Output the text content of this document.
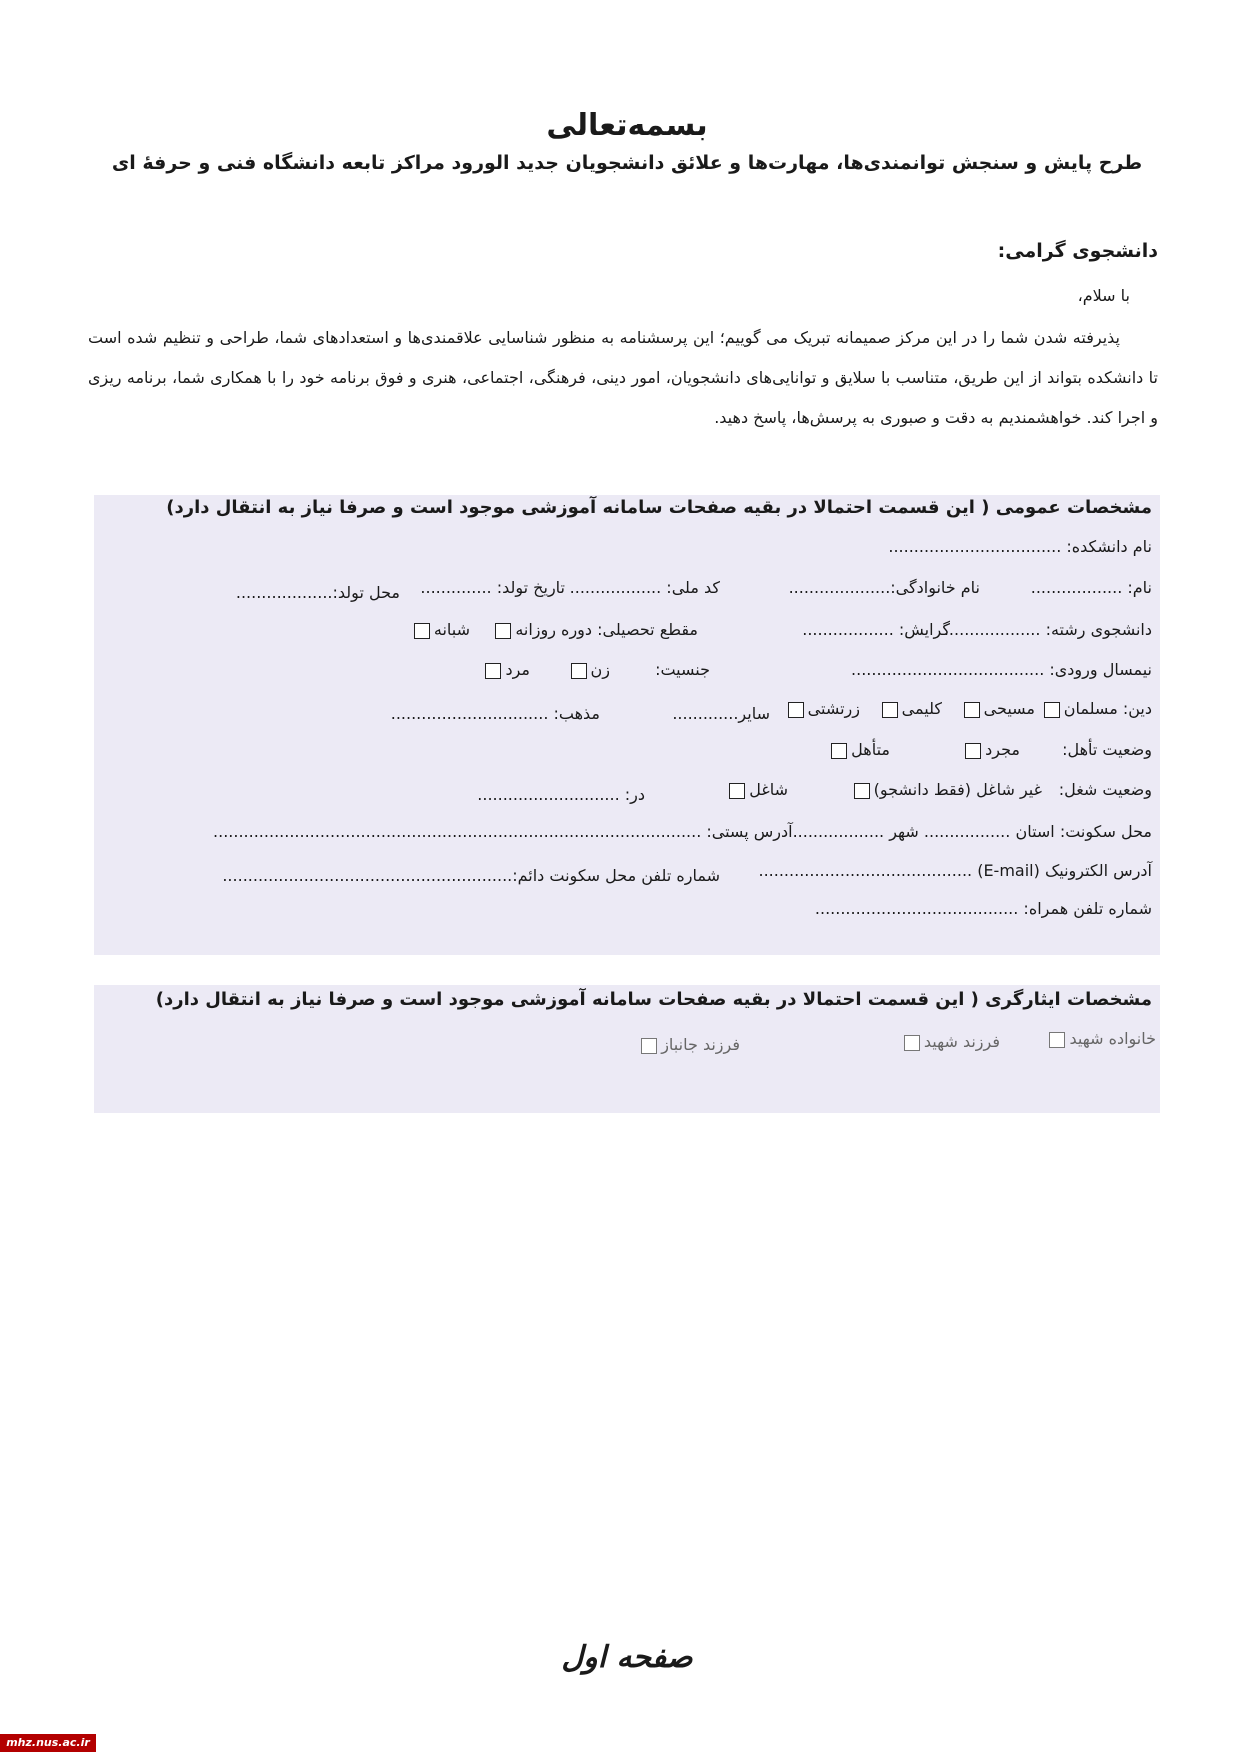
بسمه‌تعالی
طرح پایش و سنجش توانمندی‌ها، مهارت‌ها و علائق دانشجویان جدید الورود مراکز تابعه دانشگاه فنی و حرفهٔ ای
دانشجوی گرامی:
با سلام،
پذیرفته شدن شما را در این مرکز صمیمانه تبریک می گوییم؛ این پرسشنامه به منظور شناسایی علاقمندی‌ها و استعدادهای شما، طراحی و تنظیم شده است تا دانشکده بتواند از این طریق، متناسب با سلایق و توانایی‌های دانشجویان، امور دینی، فرهنگی، اجتماعی، هنری و فوق برنامه خود را با همکاری شما، برنامه ریزی و اجرا کند. خواهشمندیم به دقت و صبوری به پرسش‌ها، پاسخ دهید.
مشخصات عمومی ( این قسمت احتمالا در بقیه صفحات سامانه آموزشی موجود است و صرفا نیاز به انتقال دارد)
نام دانشکده: ..................................
نام: ..................
نام خانوادگی:....................
کد ملی: ..................
تاریخ تولد: ..............
محل تولد:...................
دانشجوی رشته: ...................
گرایش: ..................
مقطع تحصیلی: دوره روزانه
شبانه
نیمسال ورودی: ......................................
جنسیت:
زن
مرد
دین: مسلمان
مسیحی
کلیمی
زرتشتی
سایر.............
مذهب: ...............................
وضعیت تأهل:
مجرد
متأهل
وضعیت شغل:
غیر شاغل (فقط دانشجو)
شاغل
در: ............................
محل سکونت: استان ................. شهر ..................آدرس پستی: ................................................................................................
آدرس الکترونیک (E-mail) ..........................................
شماره تلفن محل سکونت دائم:.........................................................
شماره تلفن همراه: ........................................
مشخصات ایثارگری ( این قسمت احتمالا در بقیه صفحات سامانه آموزشی موجود است و صرفا نیاز به انتقال دارد)
خانواده شهید
فرزند شهید
فرزند جانباز
صفحه اول
mhz.nus.ac.ir
